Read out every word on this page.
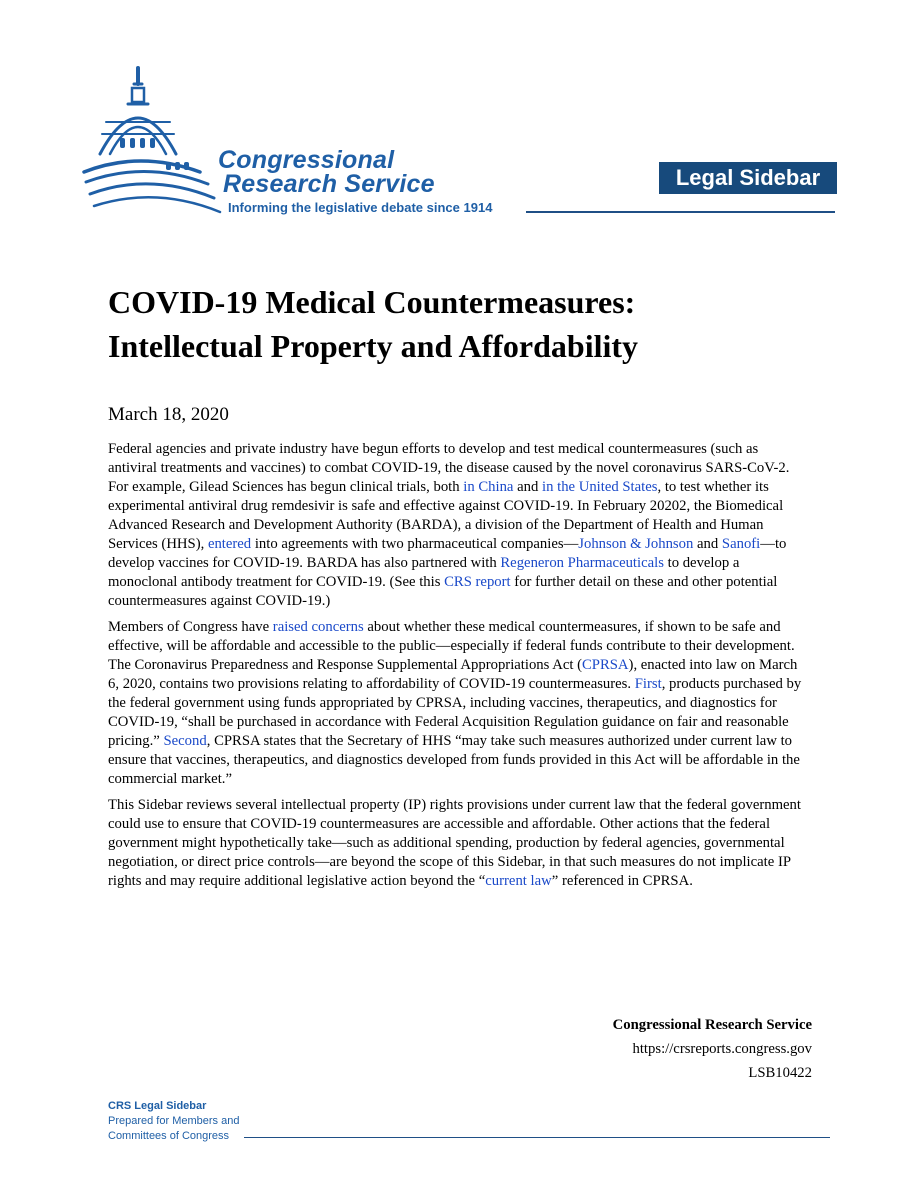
Congressional
Research Service
Informing the legislative debate since 1914
Legal Sidebar
COVID-19 Medical Countermeasures:
Intellectual Property and Affordability
March 18, 2020

Federal agencies and private industry have begun efforts to develop and test medical countermeasures (such as antiviral treatments and vaccines) to combat COVID-19, the disease caused by the novel coronavirus SARS-CoV-2. For example, Gilead Sciences has begun clinical trials, both in China and in the United States, to test whether its experimental antiviral drug remdesivir is safe and effective against COVID-19. In February 20202, the Biomedical Advanced Research and Development Authority (BARDA), a division of the Department of Health and Human Services (HHS), entered into agreements with two pharmaceutical companies—Johnson & Johnson and Sanofi—to develop vaccines for COVID-19. BARDA has also partnered with Regeneron Pharmaceuticals to develop a monoclonal antibody treatment for COVID-19. (See this CRS report for further detail on these and other potential countermeasures against COVID-19.)

Members of Congress have raised concerns about whether these medical countermeasures, if shown to be safe and effective, will be affordable and accessible to the public—especially if federal funds contribute to their development. The Coronavirus Preparedness and Response Supplemental Appropriations Act (CPRSA), enacted into law on March 6, 2020, contains two provisions relating to affordability of COVID-19 countermeasures. First, products purchased by the federal government using funds appropriated by CPRSA, including vaccines, therapeutics, and diagnostics for COVID-19, “shall be purchased in accordance with Federal Acquisition Regulation guidance on fair and reasonable pricing.” Second, CPRSA states that the Secretary of HHS “may take such measures authorized under current law to ensure that vaccines, therapeutics, and diagnostics developed from funds provided in this Act will be affordable in the commercial market.”

This Sidebar reviews several intellectual property (IP) rights provisions under current law that the federal government could use to ensure that COVID-19 countermeasures are accessible and affordable. Other actions that the federal government might hypothetically take—such as additional spending, production by federal agencies, governmental negotiation, or direct price controls—are beyond the scope of this Sidebar, in that such measures do not implicate IP rights and may require additional legislative action beyond the “current law” referenced in CPRSA.

Congressional Research Service
https://crsreports.congress.gov
LSB10422
CRS Legal Sidebar
Prepared for Members and
Committees of Congress
